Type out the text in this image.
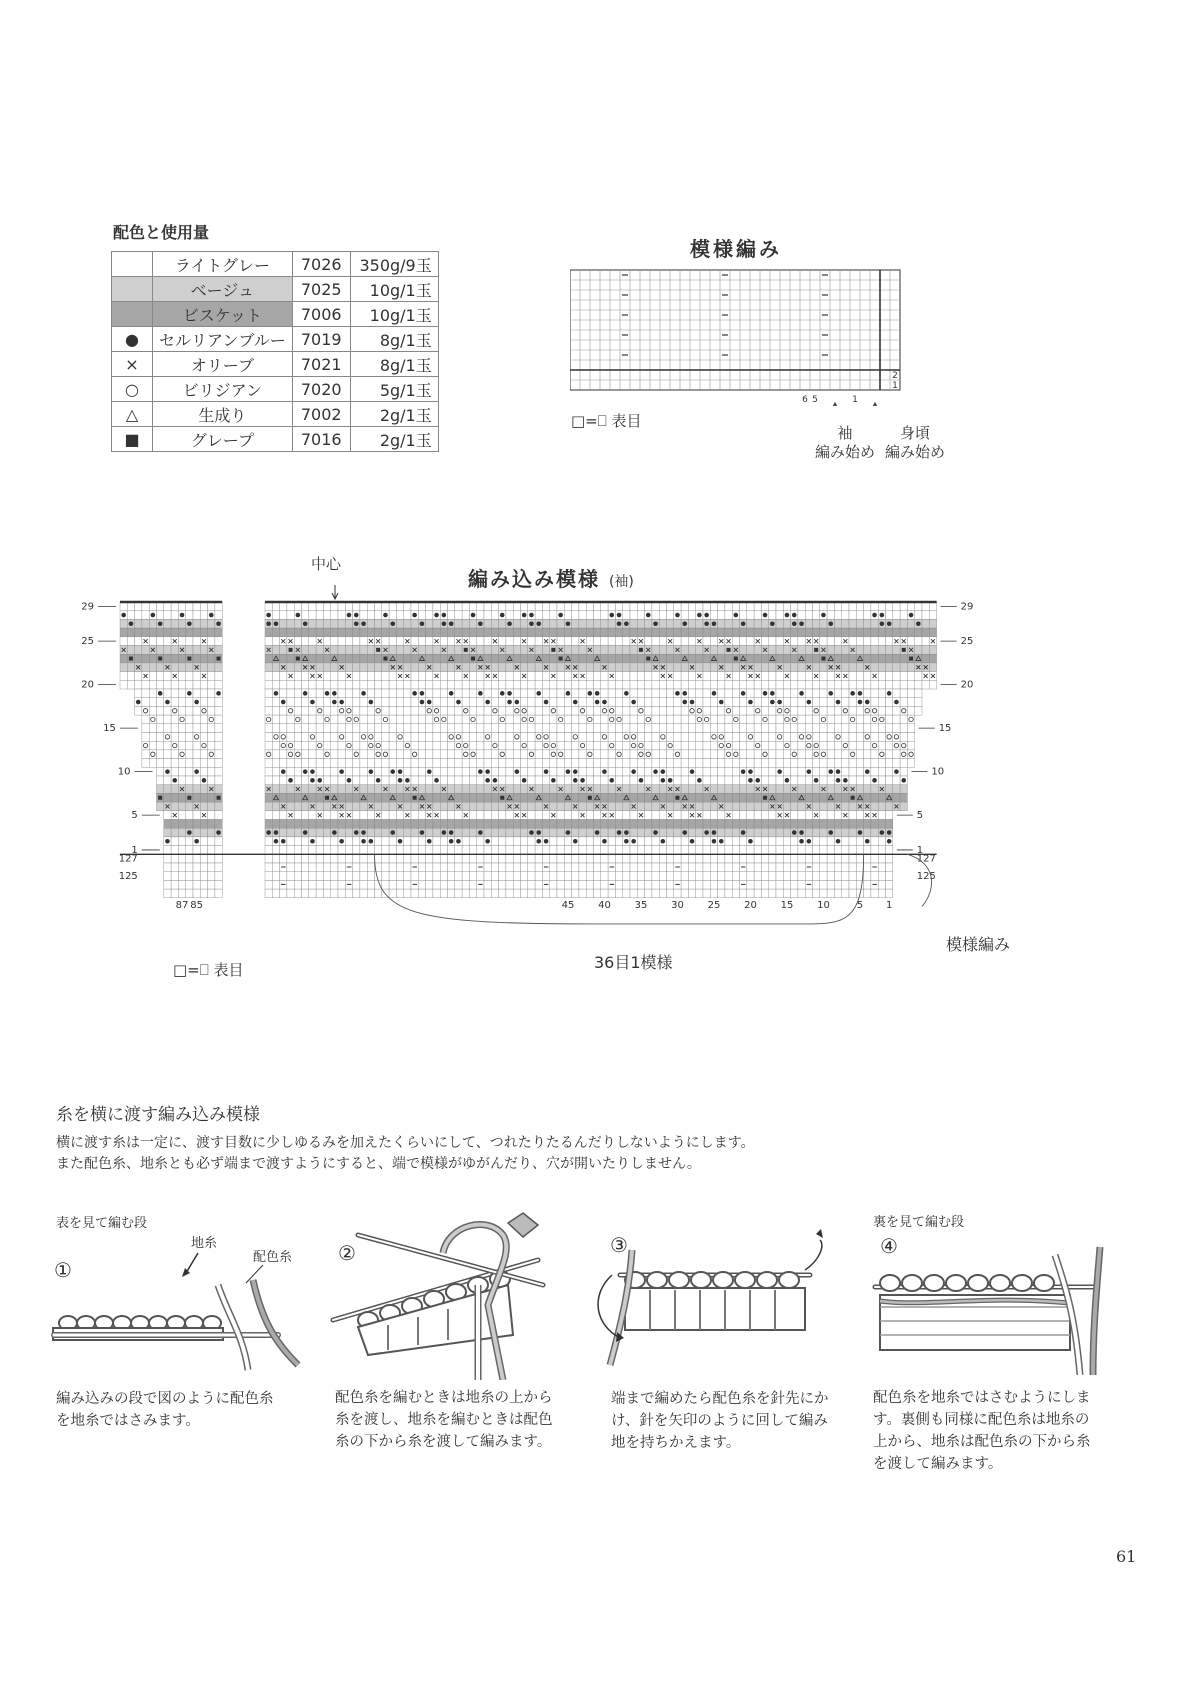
配色と使用量
	ライトグレー	7026	350g/9玉
	ベージュ	7025	10g/1玉
	ビスケット	7006	10g/1玉
●	セルリアンブルー	7019	8g/1玉
×	オリーブ	7021	8g/1玉
○	ビリジアン	7020	5g/1玉
△	生成り	7002	2g/1玉
■	グレープ	7016	2g/1玉
模様編み
2
1
6 5	1
□=⎕ 表目
袖
編み始め
身頃
編み始め
中心
編み込み模様 (袖)
29	29
25	25
20	20
15	15
10	10
5	5
1	1
127	127
125	125
87 85	45 40 35 30 25 20 15 10	5 1
36目1模様
模様編み
□=⎕ 表目
糸を横に渡す編み込み模様
横に渡す糸は一定に、渡す目数に少しゆるみを加えたくらいにして、つれたりたるんだりしないようにします。
また配色糸、地糸とも必ず端まで渡すようにすると、端で模様がゆがんだり、穴が開いたりしません。
表を見て編む段	裏を見て編む段
①
地糸
配色糸 ②	③	④
編み込みの段で図のように配色糸を地糸ではさみます。
配色糸を編むときは地糸の上から糸を渡し、地糸を編むときは配色糸の下から糸を渡して編みます。
端まで編めたら配色糸を針先にかけ、針を矢印のように回して編み地を持ちかえます。
配色糸を地糸ではさむようにします。裏側も同様に配色糸は地糸の上から、地糸は配色糸の下から糸を渡して編みます。
61
